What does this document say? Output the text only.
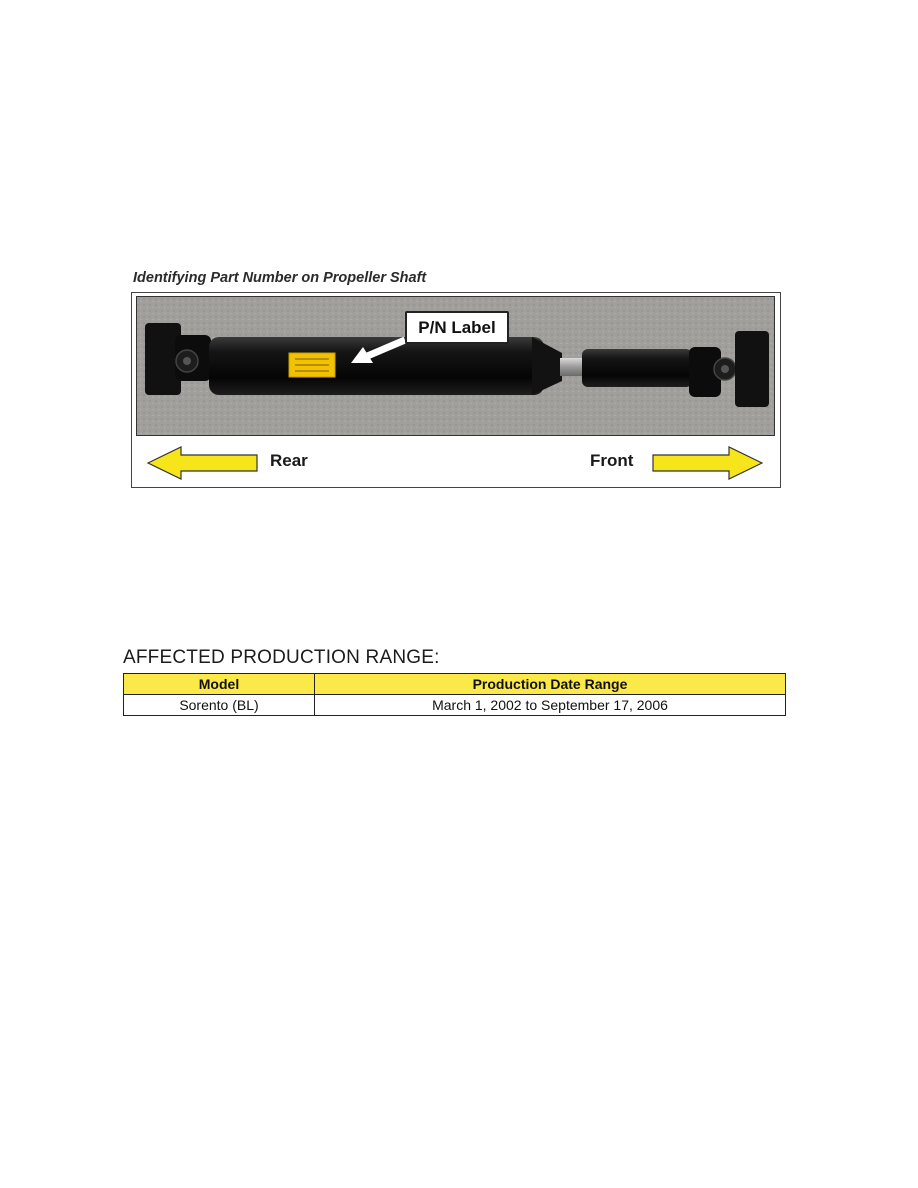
Identifying Part Number on Propeller Shaft
P/N Label
Rear	Front
AFFECTED PRODUCTION RANGE:
Model	Production Date Range
Sorento (BL)	March 1, 2002 to September 17, 2006
